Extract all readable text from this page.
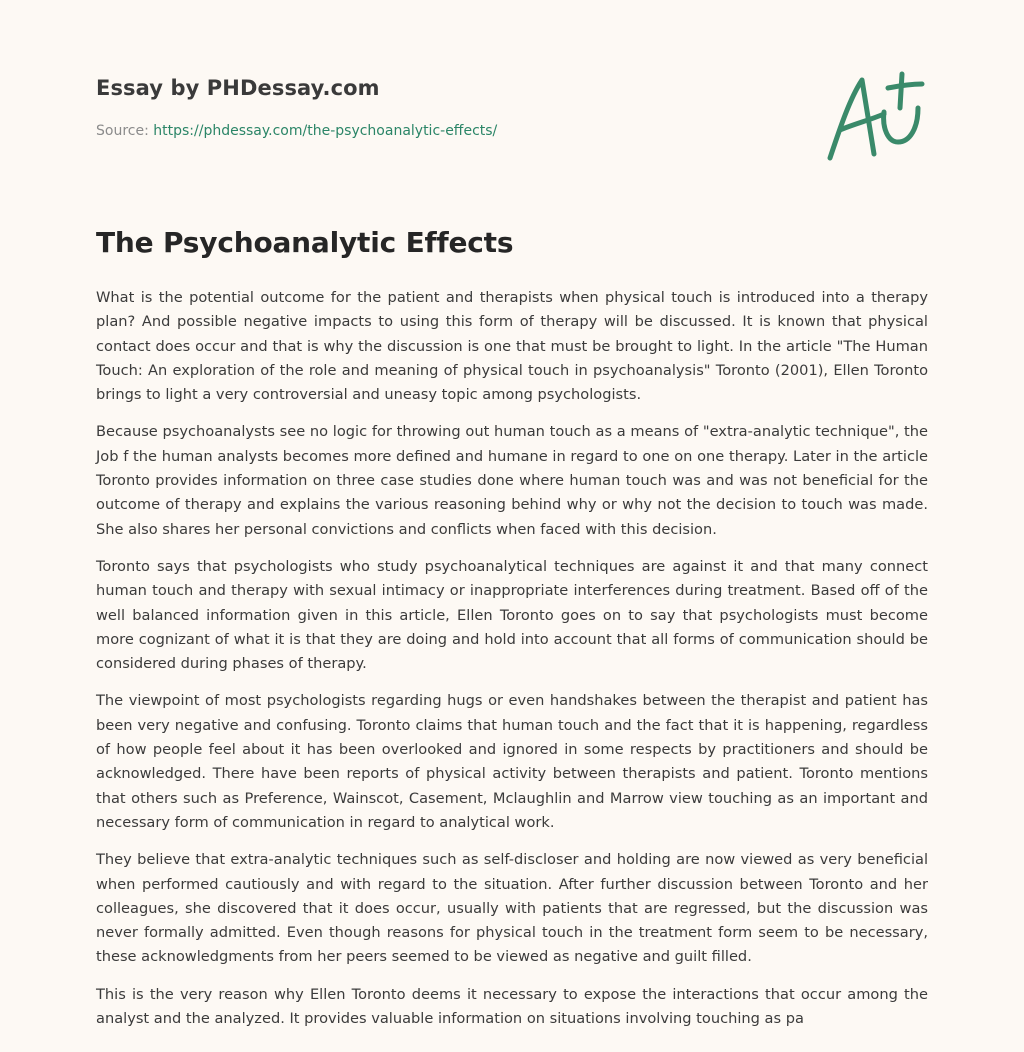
Essay by PHDessay.com
Source: https://phdessay.com/the-psychoanalytic-effects/
The Psychoanalytic Effects

What is the potential outcome for the patient and therapists when physical touch is introduced into a therapy plan? And possible negative impacts to using this form of therapy will be discussed. It is known that physical contact does occur and that is why the discussion is one that must be brought to light. In the article "The Human Touch: An exploration of the role and meaning of physical touch in psychoanalysis" Toronto (2001), Ellen Toronto brings to light a very controversial and uneasy topic among psychologists.

Because psychoanalysts see no logic for throwing out human touch as a means of "extra-analytic technique", the Job f the human analysts becomes more defined and humane in regard to one on one therapy. Later in the article Toronto provides information on three case studies done where human touch was and was not beneficial for the outcome of therapy and explains the various reasoning behind why or why not the decision to touch was made. She also shares her personal convictions and conflicts when faced with this decision.

Toronto says that psychologists who study psychoanalytical techniques are against it and that many connect human touch and therapy with sexual intimacy or inappropriate interferences during treatment. Based off of the well balanced information given in this article, Ellen Toronto goes on to say that psychologists must become more cognizant of what it is that they are doing and hold into account that all forms of communication should be considered during phases of therapy.

The viewpoint of most psychologists regarding hugs or even handshakes between the therapist and patient has been very negative and confusing. Toronto claims that human touch and the fact that it is happening, regardless of how people feel about it has been overlooked and ignored in some respects by practitioners and should be acknowledged. There have been reports of physical activity between therapists and patient. Toronto mentions that others such as Preference, Wainscot, Casement, Mclaughlin and Marrow view touching as an important and necessary form of communication in regard to analytical work.

They believe that extra-analytic techniques such as self-discloser and holding are now viewed as very beneficial when performed cautiously and with regard to the situation. After further discussion between Toronto and her colleagues, she discovered that it does occur, usually with patients that are regressed, but the discussion was never formally admitted. Even though reasons for physical touch in the treatment form seem to be necessary, these acknowledgments from her peers seemed to be viewed as negative and guilt filled.

This is the very reason why Ellen Toronto deems it necessary to expose the interactions that occur among the analyst and the analyzed. It provides valuable information on situations involving touching as pa
